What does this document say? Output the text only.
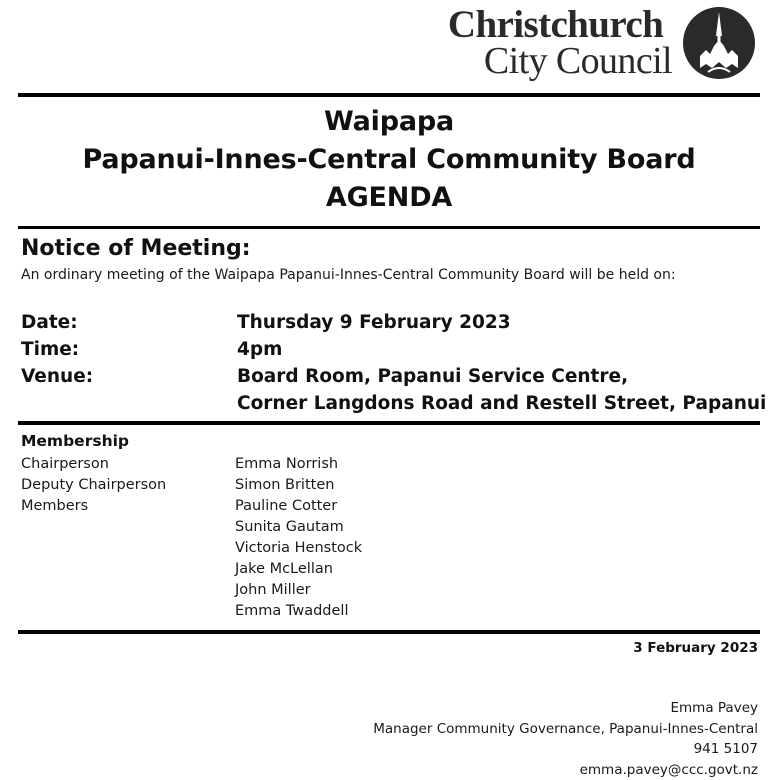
Christchurch
City Council
Waipapa
Papanui-Innes-Central Community Board
AGENDA
Notice of Meeting:
An ordinary meeting of the Waipapa Papanui-Innes-Central Community Board will be held on:
Date:	Thursday 9 February 2023
Time:	4pm
Venue:	Board Room, Papanui Service Centre,
Corner Langdons Road and Restell Street, Papanui
Membership
Chairperson	Emma Norrish
Deputy Chairperson	Simon Britten
Members	Pauline Cotter
Sunita Gautam
Victoria Henstock
Jake McLellan
John Miller
Emma Twaddell
3 February 2023
Emma Pavey
Manager Community Governance, Papanui-Innes-Central
941 5107
emma.pavey@ccc.govt.nz
